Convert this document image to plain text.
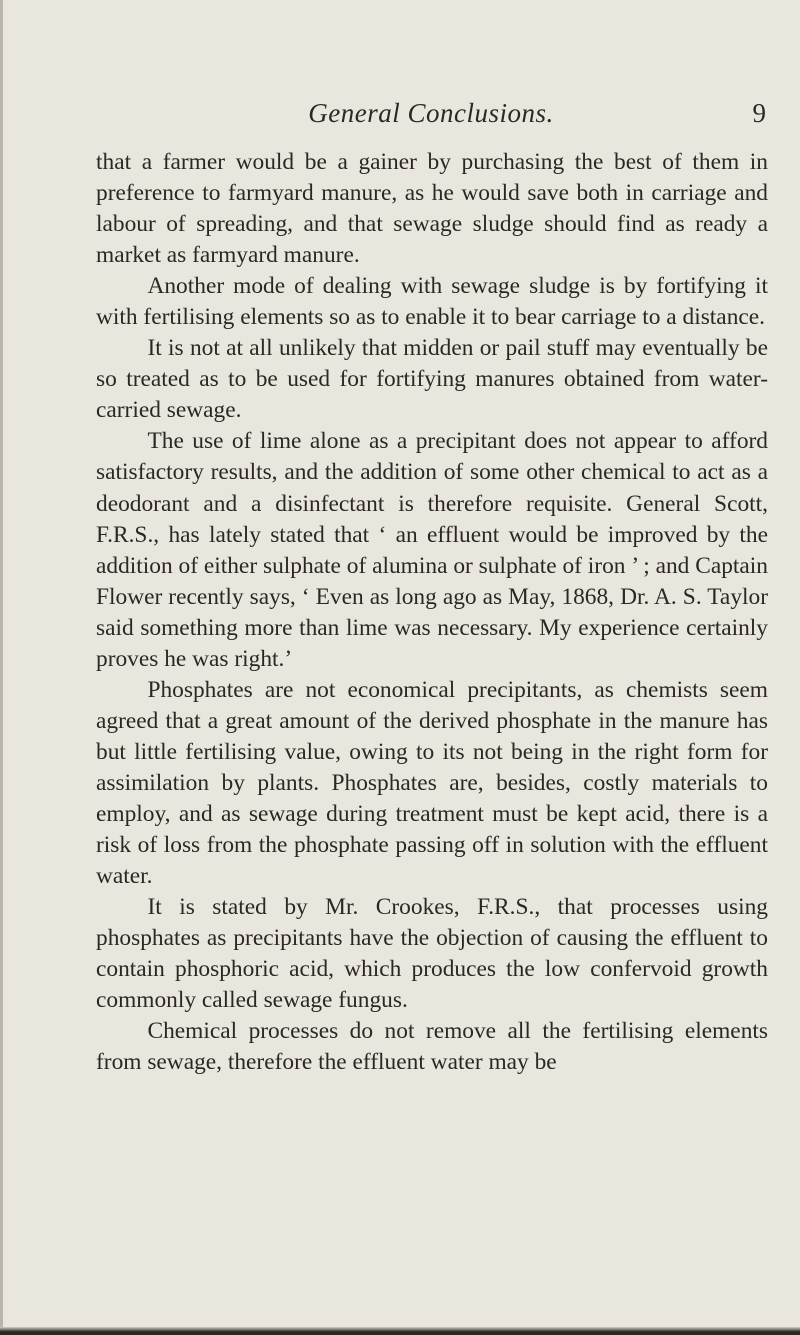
General Conclusions.	9

that a farmer would be a gainer by purchasing the best of them in preference to farmyard manure, as he would save both in carriage and labour of spreading, and that sewage sludge should find as ready a market as farmyard manure.

Another mode of dealing with sewage sludge is by fortifying it with fertilising elements so as to enable it to bear carriage to a distance.

It is not at all unlikely that midden or pail stuff may eventually be so treated as to be used for fortifying manures obtained from water-carried sewage.

The use of lime alone as a precipitant does not appear to afford satisfactory results, and the addition of some other chemical to act as a deodorant and a disinfectant is therefore requisite. General Scott, F.R.S., has lately stated that ‘ an effluent would be improved by the addition of either sulphate of alumina or sulphate of iron ’ ; and Captain Flower recently says, ‘ Even as long ago as May, 1868, Dr. A. S. Taylor said something more than lime was necessary. My experience certainly proves he was right.’

Phosphates are not economical precipitants, as chemists seem agreed that a great amount of the derived phosphate in the manure has but little fertilising value, owing to its not being in the right form for assimilation by plants. Phosphates are, besides, costly materials to employ, and as sewage during treatment must be kept acid, there is a risk of loss from the phosphate passing off in solution with the effluent water.

It is stated by Mr. Crookes, F.R.S., that processes using phosphates as precipitants have the objection of causing the effluent to contain phosphoric acid, which produces the low confervoid growth commonly called sewage fungus.

Chemical processes do not remove all the fertilising elements from sewage, therefore the effluent water may be
